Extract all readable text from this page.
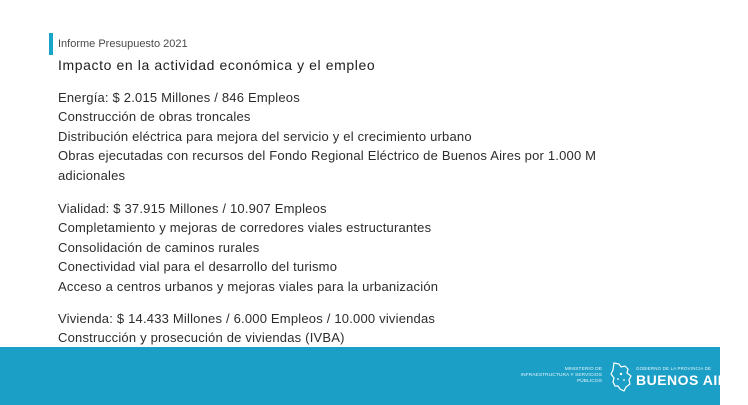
Informe Presupuesto 2021
Impacto en la actividad económica y el empleo
Energía: $ 2.015 Millones / 846 Empleos
Construcción de obras troncales
Distribución eléctrica para mejora del servicio y el crecimiento urbano
Obras ejecutadas con recursos del Fondo Regional Eléctrico de Buenos Aires por 1.000 M
adicionales
Vialidad: $ 37.915 Millones / 10.907 Empleos
Completamiento y mejoras de corredores viales estructurantes
Consolidación de caminos rurales
Conectividad vial para el desarrollo del turismo
Acceso a centros urbanos y mejoras viales para la urbanización
Vivienda: $ 14.433 Millones / 6.000 Empleos / 10.000 viviendas
Construcción y prosecución de viviendas (IVBA)
MINISTERIO DE
INFRAESTRUCTURA Y SERVICIOS PÚBLICOS
GOBIERNO DE LA PROVINCIA DE
BUENOS AIRES
